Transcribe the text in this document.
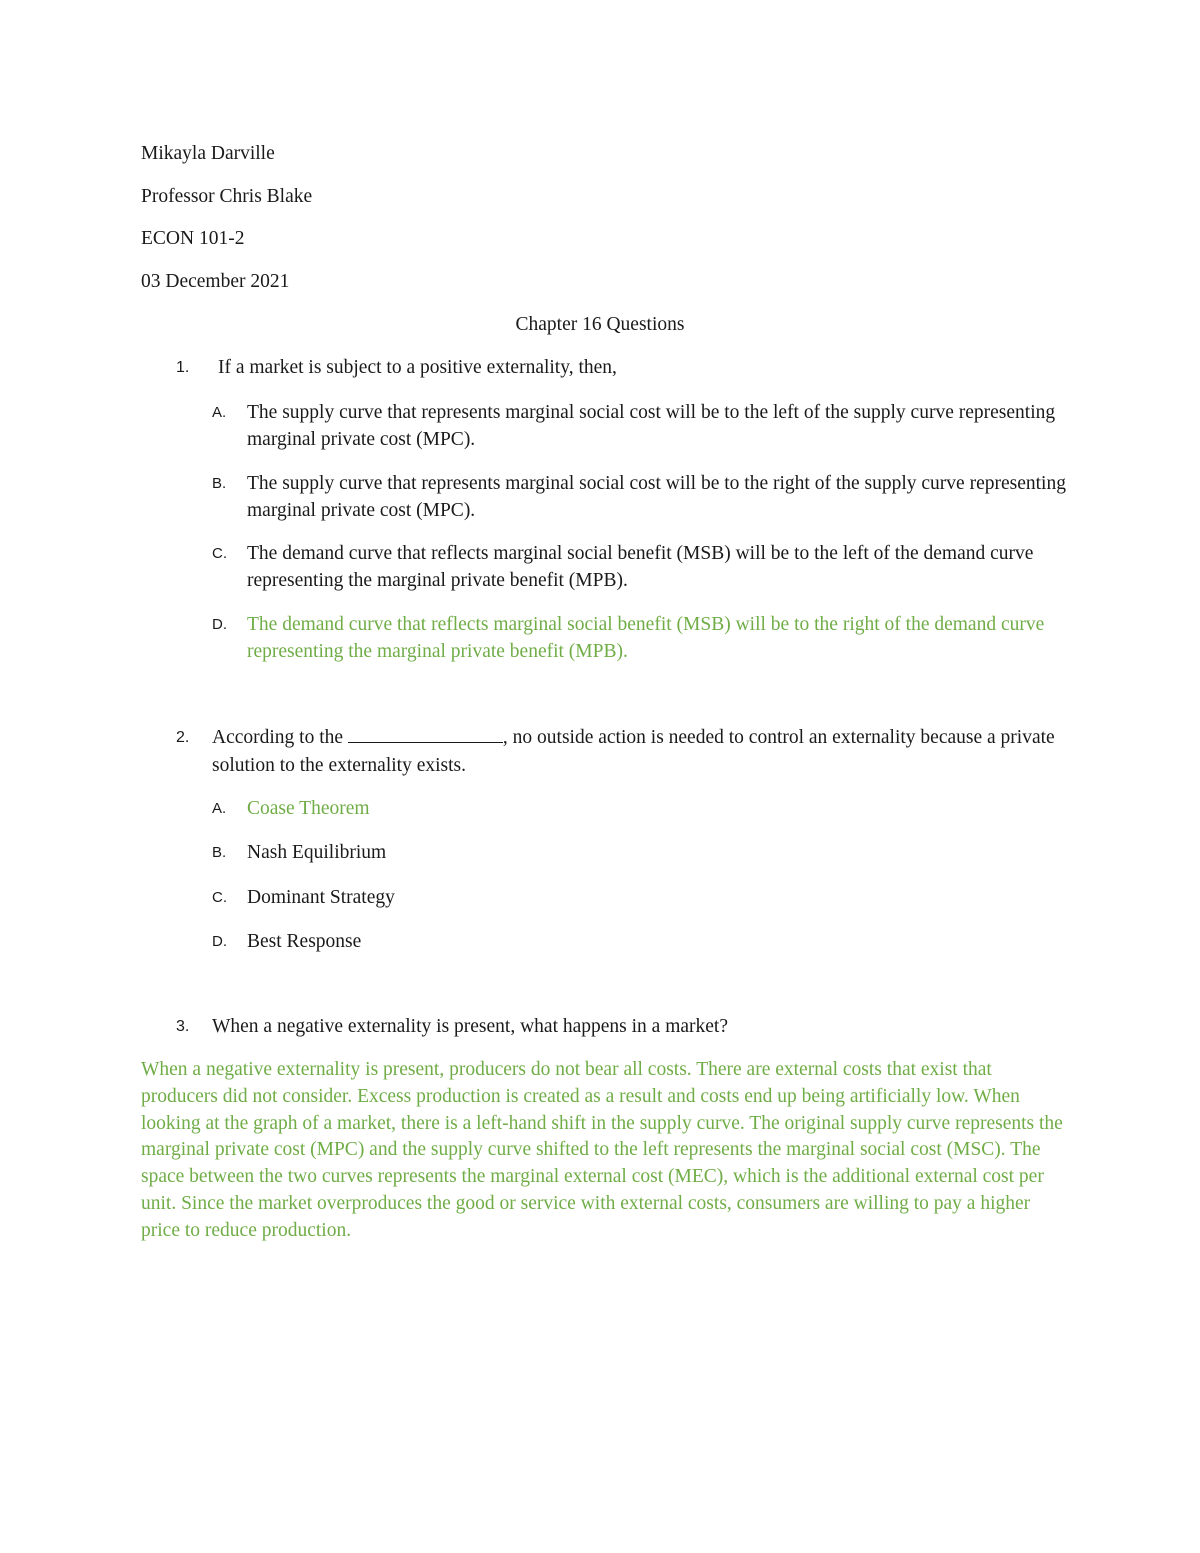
Mikayla Darville
Professor Chris Blake
ECON 101-2
03 December 2021
Chapter 16 Questions
1. If a market is subject to a positive externality, then,
A. The supply curve that represents marginal social cost will be to the left of the supply curve representing marginal private cost (MPC).
B. The supply curve that represents marginal social cost will be to the right of the supply curve representing marginal private cost (MPC).
C. The demand curve that reflects marginal social benefit (MSB) will be to the left of the demand curve representing the marginal private benefit (MPB).
D. The demand curve that reflects marginal social benefit (MSB) will be to the right of the demand curve representing the marginal private benefit (MPB).
2. According to the	, no outside action is needed to control an externality because a private solution to the externality exists.
A. Coase Theorem
B. Nash Equilibrium
C. Dominant Strategy
D. Best Response
3. When a negative externality is present, what happens in a market?
When a negative externality is present, producers do not bear all costs. There are external costs that exist that producers did not consider. Excess production is created as a result and costs end up being artificially low. When looking at the graph of a market, there is a left-hand shift in the supply curve. The original supply curve represents the marginal private cost (MPC) and the supply curve shifted to the left represents the marginal social cost (MSC). The space between the two curves represents the marginal external cost (MEC), which is the additional external cost per unit. Since the market overproduces the good or service with external costs, consumers are willing to pay a higher price to reduce production.
